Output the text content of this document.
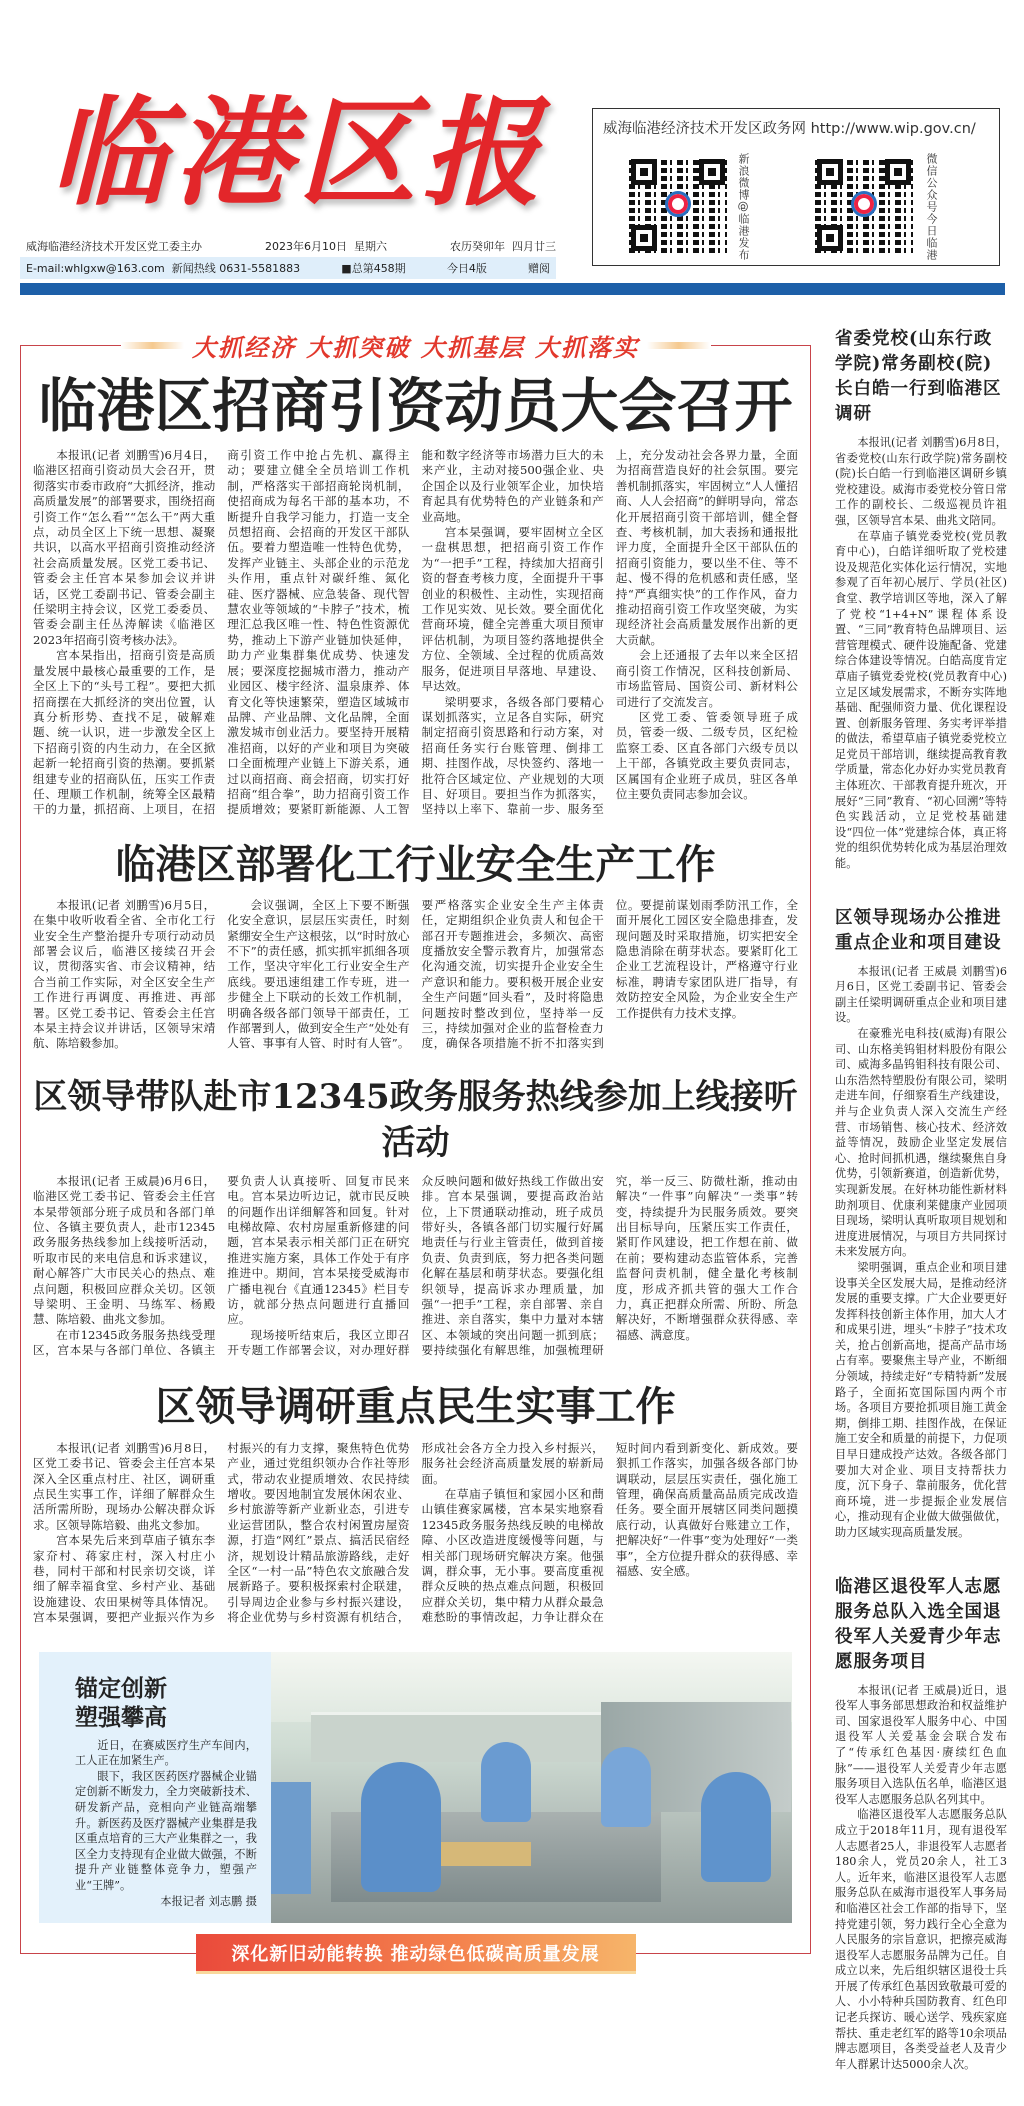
临港区报	威海临港经济技术开发区政务网 http://www.wip.gov.cn/
新浪微博@临港发布	微信公众号今日临港
威海临港经济技术开发区党工委主办	2023年6月10日 星期六	农历癸卯年 四月廿三
E-mail:whlgxw@163.com 新闻热线 0631-5581883	■总第458期	今日4版	赠阅
大抓经济 大抓突破 大抓基层 大抓落实
临港区招商引资动员大会召开

本报讯(记者 刘鹏雪)6月4日，临港区招商引资动员大会召开，贯彻落实市委市政府“大抓经济，推动高质量发展”的部署要求，围绕招商引资工作“怎么看”“怎么干”两大重点，动员全区上下统一思想、凝聚共识，以高水平招商引资推动经济社会高质量发展。区党工委书记、管委会主任宫本杲参加会议并讲话，区党工委副书记、管委会副主任梁明主持会议，区党工委委员、管委会副主任丛涛解读《临港区2023年招商引资考核办法》。

宫本杲指出，招商引资是高质量发展中最核心最重要的工作，是全区上下的“头号工程”。要把大抓招商摆在大抓经济的突出位置，认真分析形势、查找不足，破解难题、统一认识，进一步激发全区上下招商引资的内生动力，在全区掀起新一轮招商引资的热潮。要抓紧组建专业的招商队伍，压实工作责任、理顺工作机制，统筹全区最精干的力量，抓招商、上项目，在招商引资工作中抢占先机、赢得主动；要建立健全全员培训工作机制，严格落实干部招商轮岗机制，使招商成为每名干部的基本功，不断提升自我学习能力，打造一支全员想招商、会招商的开发区干部队伍。要着力塑造唯一性特色优势，发挥产业链主、头部企业的示范龙头作用，重点针对碳纤维、氮化硅、医疗器械、应急装备、现代智慧农业等领域的“卡脖子”技术，梳理汇总我区唯一性、特色性资源优势，推动上下游产业链加快延伸，助力产业集群集优成势、快速发展；要深度挖掘城市潜力，推动产业园区、楼宇经济、温泉康养、体育文化等快速繁荣，塑造区域城市品牌、产业品牌、文化品牌，全面激发城市创业活力。要坚持开展精准招商，以好的产业和项目为突破口全面梳理产业链上下游关系，通过以商招商、商会招商，切实打好招商“组合拳”，助力招商引资工作提质增效；要紧盯新能源、人工智能和数字经济等市场潜力巨大的未来产业，主动对接500强企业、央企国企以及行业领军企业，加快培育起具有优势特色的产业链条和产业高地。

宫本杲强调，要牢固树立全区一盘棋思想，把招商引资工作作为“一把手”工程，持续加大招商引资的督查考核力度，全面提升干事创业的积极性、主动性，实现招商工作见实效、见长效。要全面优化营商环境，健全完善重大项目预审评估机制，为项目签约落地提供全方位、全领域、全过程的优质高效服务，促进项目早落地、早建设、早达效。

梁明要求，各级各部门要精心谋划抓落实，立足各自实际，研究制定招商引资思路和行动方案，对招商任务实行台账管理、倒排工期、挂图作战，尽快签约、落地一批符合区域定位、产业规划的大项目、好项目。要担当作为抓落实，坚持以上率下、靠前一步、服务至上，充分发动社会各界力量，全面为招商营造良好的社会氛围。要完善机制抓落实，牢固树立“人人懂招商、人人会招商”的鲜明导向，常态化开展招商引资干部培训，健全督查、考核机制，加大表扬和通报批评力度，全面提升全区干部队伍的招商引资能力，要以坐不住、等不起、慢不得的危机感和责任感，坚持“严真细实快”的工作作风，奋力推动招商引资工作攻坚突破，为实现经济社会高质量发展作出新的更大贡献。

会上还通报了去年以来全区招商引资工作情况，区科技创新局、市场监管局、国资公司、新材料公司进行了交流发言。

区党工委、管委领导班子成员，管委一级、二级专员，区纪检监察工委、区直各部门六级专员以上干部，各镇党政主要负责同志，区属国有企业班子成员，驻区各单位主要负责同志参加会议。

临港区部署化工行业安全生产工作

本报讯(记者 刘鹏雪)6月5日，在集中收听收看全省、全市化工行业安全生产整治提升专项行动动员部署会议后，临港区接续召开会议，贯彻落实省、市会议精神，结合当前工作实际，对全区安全生产工作进行再调度、再推进、再部署。区党工委书记、管委会主任宫本杲主持会议并讲话，区领导宋靖航、陈培毅参加。

会议强调，全区上下要不断强化安全意识，层层压实责任，时刻紧绷安全生产这根弦，以“时时放心不下”的责任感，抓实抓牢抓细各项工作，坚决守牢化工行业安全生产底线。要迅速组建工作专班，进一步健全上下联动的长效工作机制，明确各级各部门领导干部责任，工作部署到人，做到安全生产“处处有人管、事事有人管、时时有人管”。要严格落实企业安全生产主体责任，定期组织企业负责人和包企干部召开专题推进会，多频次、高密度播放安全警示教育片，加强常态化沟通交流，切实提升企业安全生产意识和能力。要积极开展企业安全生产问题“回头看”，及时将隐患问题按时整改到位，坚持举一反三，持续加强对企业的监督检查力度，确保各项措施不折不扣落实到位。要提前谋划雨季防汛工作，全面开展化工园区安全隐患排查，发现问题及时采取措施，切实把安全隐患消除在萌芽状态。要紧盯化工企业工艺流程设计，严格遵守行业标准，聘请专家团队进厂指导，有效防控安全风险，为企业安全生产工作提供有力技术支撑。

区领导带队赴市12345政务服务热线参加上线接听活动

本报讯(记者 王威晨)6月6日，临港区党工委书记、管委会主任宫本杲带领部分班子成员和各部门单位、各镇主要负责人，赴市12345政务服务热线参加上线接听活动，听取市民的来电信息和诉求建议，耐心解答广大市民关心的热点、难点问题，积极回应群众关切。区领导梁明、王金明、马练军、杨殿慧、陈培毅、曲兆文参加。

在市12345政务服务热线受理区，宫本杲与各部门单位、各镇主要负责人认真接听、回复市民来电。宫本杲边听边记，就市民反映的问题作出详细解答和回复。针对电梯故障、农村房屋重新修建的问题，宫本杲表示相关部门正在研究推进实施方案，具体工作处于有序推进中。期间，宫本杲接受威海市广播电视台《直通12345》栏目专访，就部分热点问题进行直播回应。

现场接听结束后，我区立即召开专题工作部署会议，对办理好群众反映问题和做好热线工作做出安排。宫本杲强调，要提高政治站位，上下贯通联动推动，班子成员带好头，各镇各部门切实履行好属地责任与行业主管责任，做到首接负责、负责到底，努力把各类问题化解在基层和萌芽状态。要强化组织领导，提高诉求办理质量，加强“一把手”工程，亲自部署、亲自推进、亲自落实，集中力量对本辖区、本领域的突出问题一抓到底；要持续强化有解思维，加强梳理研究，举一反三、防微杜渐，推动由解决“一件事”向解决“一类事”转变，持续提升为民服务质效。要突出目标导向，压紧压实工作责任，紧盯作风建设，把工作想在前、做在前；要构建动态监管体系，完善监督问责机制，健全量化考核制度，形成齐抓共管的强大工作合力，真正把群众所需、所盼、所急解决好，不断增强群众获得感、幸福感、满意度。

区领导调研重点民生实事工作

本报讯(记者 刘鹏雪)6月8日，区党工委书记、管委会主任宫本杲深入全区重点村庄、社区，调研重点民生实事工作，详细了解群众生活所需所盼，现场办公解决群众诉求。区领导陈培毅、曲兆文参加。

宫本杲先后来到草庙子镇东李家夼村、蒋家庄村，深入村庄小巷，同村干部和村民亲切交谈，详细了解幸福食堂、乡村产业、基础设施建设、农田果树等具体情况。宫本杲强调，要把产业振兴作为乡村振兴的有力支撑，聚焦特色优势产业，通过党组织领办合作社等形式，带动农业提质增效、农民持续增收。要因地制宜发展休闲农业、乡村旅游等新产业新业态，引进专业运营团队，整合农村闲置房屋资源，打造“网红”景点、搞活民宿经济，规划设计精品旅游路线，走好全区“一村一品”特色农文旅融合发展新路子。要积极探索村企联建，引导周边企业参与乡村振兴建设，将企业优势与乡村资源有机结合，形成社会各方全力投入乡村振兴，服务社会经济高质量发展的崭新局面。

在草庙子镇恒和家园小区和蔄山镇佳赛家属楼，宫本杲实地察看12345政务服务热线反映的电梯故障、小区改造进度缓慢等问题，与相关部门现场研究解决方案。他强调，群众事，无小事。要高度重视群众反映的热点难点问题，积极回应群众关切，集中精力从群众最急难愁盼的事情改起，力争让群众在短时间内看到新变化、新成效。要狠抓工作落实，加强各级各部门协调联动，层层压实责任，强化施工管理，确保高质量高品质完成改造任务。要全面开展辖区同类问题摸底行动，认真做好台账建立工作，把解决好“一件事”变为处理好“一类事”，全方位提升群众的获得感、幸福感、安全感。

锚定创新
塑强攀高

近日，在赛威医疗生产车间内，工人正在加紧生产。

眼下，我区医药医疗器械企业锚定创新不断发力，全力突破新技术、研发新产品，竞相向产业链高端攀升。新医药及医疗器械产业集群是我区重点培育的三大产业集群之一，我区全力支持现有企业做大做强，不断提升产业链整体竞争力，塑强产业“王牌”。

本报记者 刘志鹏 摄
深化新旧动能转换 推动绿色低碳高质量发展
省委党校(山东行政学院)常务副校(院)长白皓一行到临港区调研

本报讯(记者 刘鹏雪)6月8日，省委党校(山东行政学院)常务副校(院)长白皓一行到临港区调研乡镇党校建设。威海市委党校分管日常工作的副校长、二级巡视员许祖强，区领导宫本杲、曲兆文陪同。

在草庙子镇党委党校(党员教育中心)，白皓详细听取了党校建设及规范化实体化运行情况，实地参观了百年初心展厅、学员(社区)食堂、教学培训区等地，深入了解了党校“1+4+N”课程体系设置、“三同”教育特色品牌项目、运营管理模式、硬件设施配备、党建综合体建设等情况。白皓高度肯定草庙子镇党委党校(党员教育中心)立足区域发展需求，不断夯实阵地基础、配强师资力量、优化课程设置、创新服务管理、务实考评举措的做法，希望草庙子镇党委党校立足党员干部培训，继续提高教育教学质量，常态化办好办实党员教育主体班次、干部教育提升班次，开展好“三同”教育、“初心回溯”等特色实践活动，立足党校基础建设“四位一体”党建综合体，真正将党的组织优势转化成为基层治理效能。

区领导现场办公推进重点企业和项目建设

本报讯(记者 王威晨 刘鹏雪)6月6日，区党工委副书记、管委会副主任梁明调研重点企业和项目建设。

在豪雅光电科技(威海)有限公司、山东格美钨钼材料股份有限公司、威海多晶钨钼科技有限公司、山东浩然特塑股份有限公司，梁明走进车间，仔细察看生产线建设，并与企业负责人深入交流生产经营、市场销售、核心技术、经济效益等情况，鼓励企业坚定发展信心、抢时间抓机遇，继续聚焦自身优势，引领新赛道，创造新优势，实现新发展。在好林功能性新材料助剂项目、优康利莱健康产业园项目现场，梁明认真听取项目规划和进度进展情况，与项目方共同探讨未来发展方向。

梁明强调，重点企业和项目建设事关全区发展大局，是推动经济发展的重要支撑。广大企业要更好发挥科技创新主体作用，加大人才和成果引进，埋头“卡脖子”技术攻关，抢占创新高地，提高产品市场占有率。要聚焦主导产业，不断细分领域，持续走好“专精特新”发展路子，全面拓宽国际国内两个市场。各项目方要抢抓项目施工黄金期，倒排工期、挂图作战，在保证施工安全和质量的前提下，力促项目早日建成投产达效。各级各部门要加大对企业、项目支持帮扶力度，沉下身子、靠前服务，优化营商环境，进一步提振企业发展信心，推动现有企业做大做强做优，助力区域实现高质量发展。

临港区退役军人志愿服务总队入选全国退役军人关爱青少年志愿服务项目

本报讯(记者 王威晨)近日，退役军人事务部思想政治和权益维护司、国家退役军人服务中心、中国退役军人关爱基金会联合发布了“传承红色基因·赓续红色血脉”——退役军人关爱青少年志愿服务项目入选队伍名单，临港区退役军人志愿服务总队名列其中。

临港区退役军人志愿服务总队成立于2018年11月，现有退役军人志愿者25人，非退役军人志愿者180余人，党员20余人，社工3人。近年来，临港区退役军人志愿服务总队在威海市退役军人事务局和临港区社会工作部的指导下，坚持党建引领，努力践行全心全意为人民服务的宗旨意识，把擦亮威海退役军人志愿服务品牌为己任。自成立以来，先后组织辖区退役士兵开展了传承红色基因致敬最可爱的人、小小特种兵国防教育、红色印记老兵探访、暖心送学、残疾家庭帮扶、重走老红军的路等10余项品牌志愿项目，各类受益老人及青少年人群累计达5000余人次。
